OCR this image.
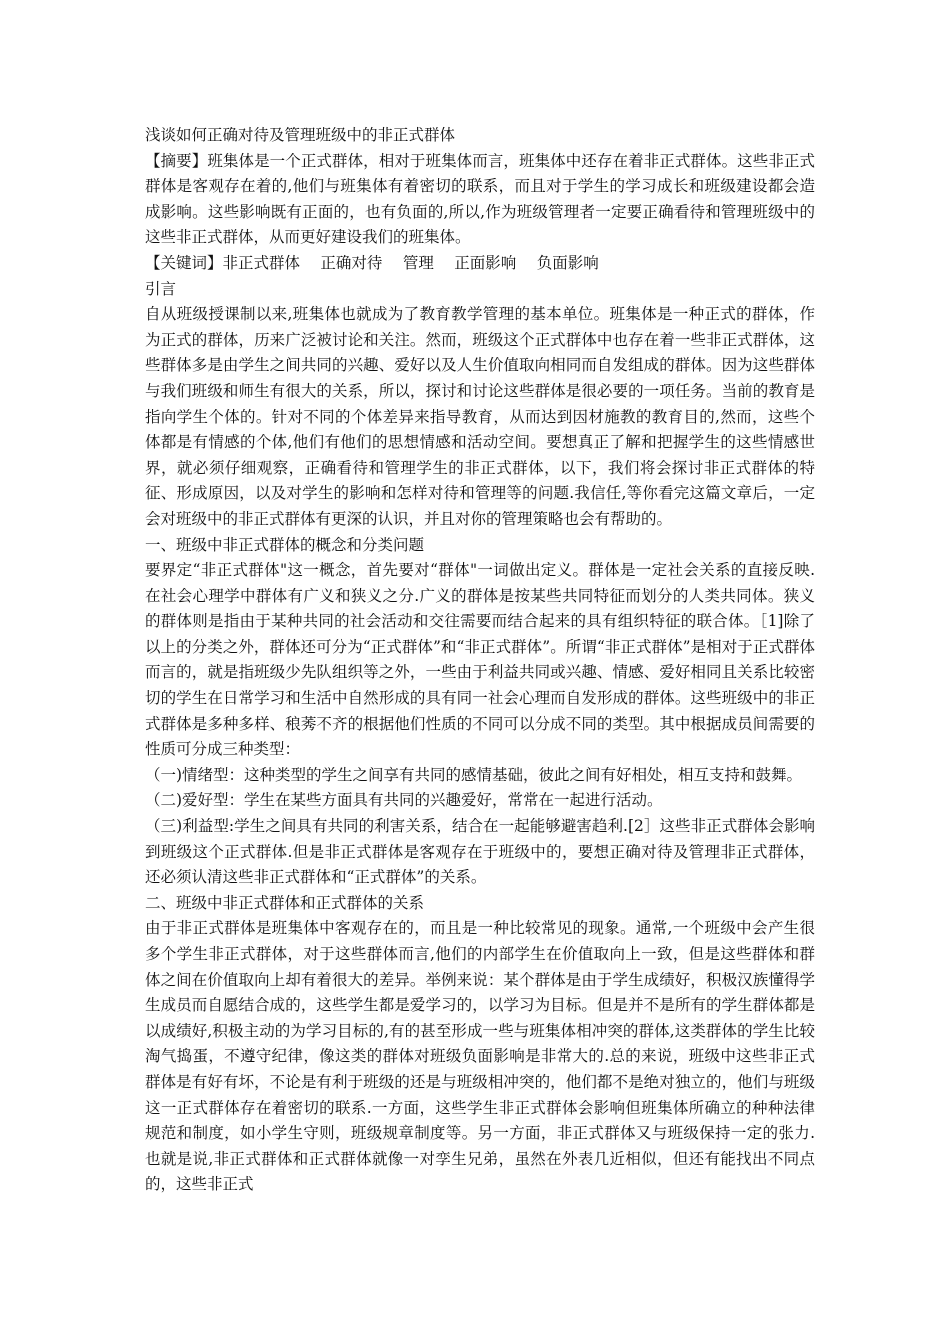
浅谈如何正确对待及管理班级中的非正式群体

【摘要】班集体是一个正式群体，相对于班集体而言，班集体中还存在着非正式群体。这些非正式群体是客观存在着的,他们与班集体有着密切的联系，而且对于学生的学习成长和班级建设都会造成影响。这些影响既有正面的，也有负面的,所以,作为班级管理者一定要正确看待和管理班级中的这些非正式群体，从而更好建设我们的班集体。

【关键词】非正式群体　 正确对待　 管理　 正面影响　 负面影响

引言

自从班级授课制以来,班集体也就成为了教育教学管理的基本单位。班集体是一种正式的群体，作为正式的群体，历来广泛被讨论和关注。然而，班级这个正式群体中也存在着一些非正式群体，这些群体多是由学生之间共同的兴趣、爱好以及人生价值取向相同而自发组成的群体。因为这些群体与我们班级和师生有很大的关系，所以，探讨和讨论这些群体是很必要的一项任务。当前的教育是指向学生个体的。针对不同的个体差异来指导教育，从而达到因材施教的教育目的,然而，这些个体都是有情感的个体,他们有他们的思想情感和活动空间。要想真正了解和把握学生的这些情感世界，就必须仔细观察，正确看待和管理学生的非正式群体，以下，我们将会探讨非正式群体的特征、形成原因，以及对学生的影响和怎样对待和管理等的问题.我信任,等你看完这篇文章后，一定会对班级中的非正式群体有更深的认识，并且对你的管理策略也会有帮助的。

一、班级中非正式群体的概念和分类问题

要界定“非正式群体"这一概念，首先要对“群体"一词做出定义。群体是一定社会关系的直接反映.在社会心理学中群体有广义和狭义之分.广义的群体是按某些共同特征而划分的人类共同体。狭义的群体则是指由于某种共同的社会活动和交往需要而结合起来的具有组织特征的联合体。［1]除了以上的分类之外，群体还可分为“正式群体”和“非正式群体”。所谓“非正式群体”是相对于正式群体而言的，就是指班级少先队组织等之外，一些由于利益共同或兴趣、情感、爱好相同且关系比较密切的学生在日常学习和生活中自然形成的具有同一社会心理而自发形成的群体。这些班级中的非正式群体是多种多样、稂莠不齐的根据他们性质的不同可以分成不同的类型。其中根据成员间需要的性质可分成三种类型：

（一)情绪型：这种类型的学生之间享有共同的感情基础，彼此之间有好相处，相互支持和鼓舞。

（二)爱好型：学生在某些方面具有共同的兴趣爱好，常常在一起进行活动。

（三)利益型:学生之间具有共同的利害关系，结合在一起能够避害趋利.[2］这些非正式群体会影响到班级这个正式群体.但是非正式群体是客观存在于班级中的，要想正确对待及管理非正式群体，还必须认清这些非正式群体和“正式群体”的关系。

二、班级中非正式群体和正式群体的关系

由于非正式群体是班集体中客观存在的，而且是一种比较常见的现象。通常,一个班级中会产生很多个学生非正式群体，对于这些群体而言,他们的内部学生在价值取向上一致，但是这些群体和群体之间在价值取向上却有着很大的差异。举例来说：某个群体是由于学生成绩好，积极汉族懂得学生成员而自愿结合成的，这些学生都是爱学习的，以学习为目标。但是并不是所有的学生群体都是以成绩好,积极主动的为学习目标的,有的甚至形成一些与班集体相冲突的群体,这类群体的学生比较淘气捣蛋，不遵守纪律，像这类的群体对班级负面影响是非常大的.总的来说，班级中这些非正式群体是有好有坏，不论是有利于班级的还是与班级相冲突的，他们都不是绝对独立的，他们与班级这一正式群体存在着密切的联系.一方面，这些学生非正式群体会影响但班集体所确立的种种法律规范和制度，如小学生守则，班级规章制度等。另一方面，非正式群体又与班级保持一定的张力.也就是说,非正式群体和正式群体就像一对孪生兄弟，虽然在外表几近相似，但还有能找出不同点的，这些非正式
